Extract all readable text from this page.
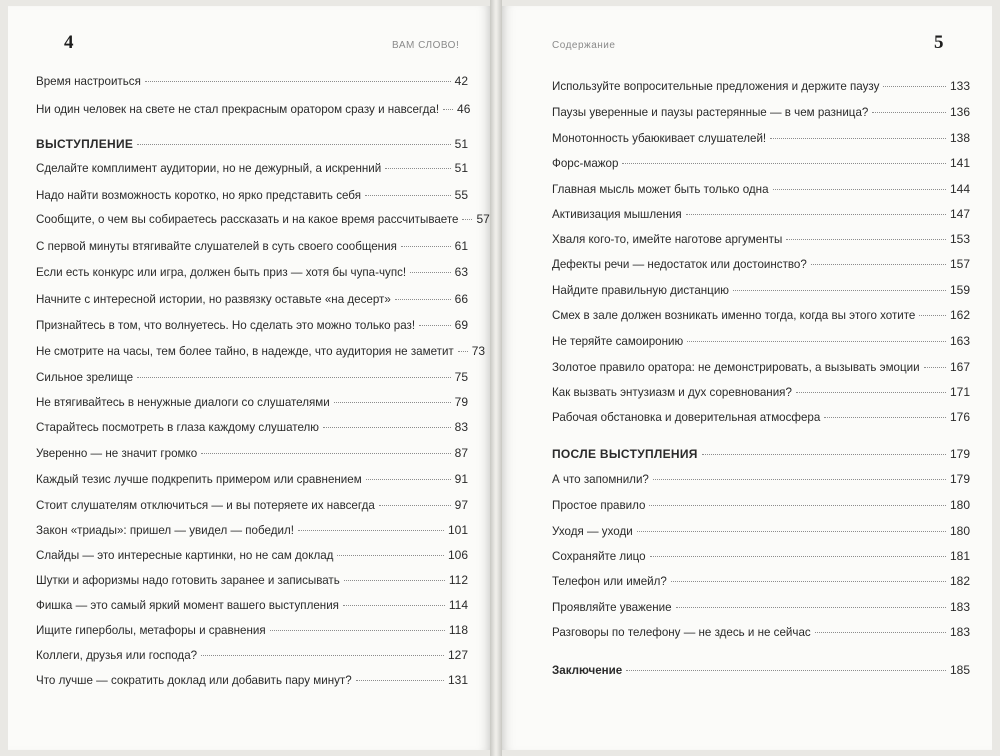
4	ВАМ СЛОВО!
Время настроиться	42
Ни один человек на свете не стал прекрасным оратором сразу и навсегда! 46
ВЫСТУПЛЕНИЕ	51
Сделайте комплимент аудитории, но не дежурный, а искренний	51
Надо найти возможность коротко, но ярко представить себя	55
Сообщите, о чем вы собираетесь рассказать и на какое время рассчитываете 57
С первой минуты втягивайте слушателей в суть своего сообщения	61
Если есть конкурс или игра, должен быть приз — хотя бы чупа-чупс!	63
Начните с интересной истории, но развязку оставьте «на десерт»	66
Признайтесь в том, что волнуетесь. Но сделать это можно только раз!	69
Не смотрите на часы, тем более тайно, в надежде, что аудитория не заметит 73
Сильное зрелище	75
Не втягивайтесь в ненужные диалоги со слушателями	79
Старайтесь посмотреть в глаза каждому слушателю	83
Уверенно — не значит громко	87
Каждый тезис лучше подкрепить примером или сравнением	91
Стоит слушателям отключиться — и вы потеряете их навсегда	97
Закон «триады»: пришел — увидел — победил!	101
Слайды — это интересные картинки, но не сам доклад	106
Шутки и афоризмы надо готовить заранее и записывать	112
Фишка — это самый яркий момент вашего выступления	114
Ищите гиперболы, метафоры и сравнения	118
Коллеги, друзья или господа?	127
Что лучше — сократить доклад или добавить пару минут?	131
Содержание	5
Используйте вопросительные предложения и держите паузу	133
Паузы уверенные и паузы растерянные — в чем разница?	136
Монотонность убаюкивает слушателей!	138
Форс-мажор	141
Главная мысль может быть только одна	144
Активизация мышления	147
Хваля кого-то, имейте наготове аргументы	153
Дефекты речи — недостаток или достоинство?	157
Найдите правильную дистанцию	159
Смех в зале должен возникать именно тогда, когда вы этого хотите	162
Не теряйте самоиронию	163
Золотое правило оратора: не демонстрировать, а вызывать эмоции	167
Как вызвать энтузиазм и дух соревнования?	171
Рабочая обстановка и доверительная атмосфера	176
ПОСЛЕ ВЫСТУПЛЕНИЯ	179
А что запомнили?	179
Простое правило	180
Уходя — уходи	180
Сохраняйте лицо	181
Телефон или имейл?	182
Проявляйте уважение	183
Разговоры по телефону — не здесь и не сейчас	183
Заключение	185
